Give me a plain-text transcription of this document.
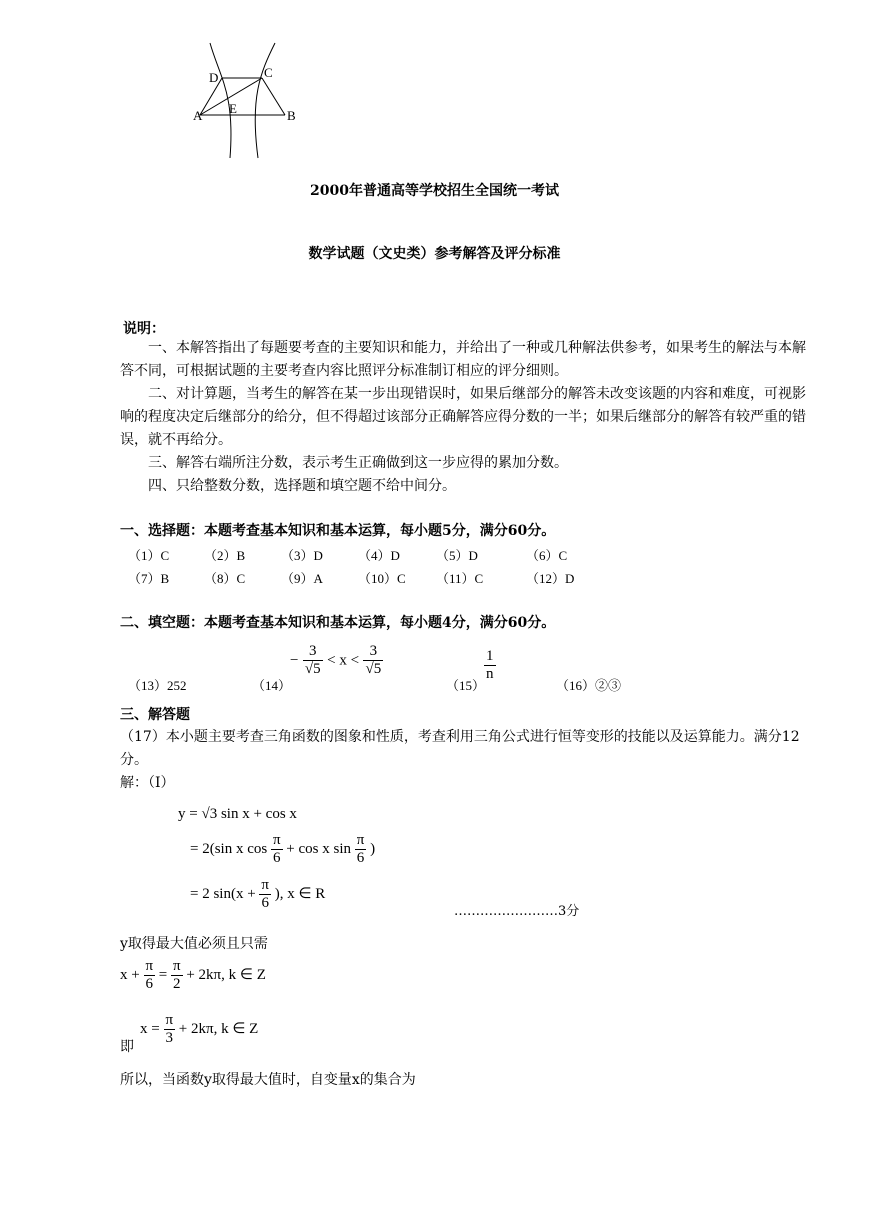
D	C
A	B
E
2000年普通高等学校招生全国统一考试
数学试题（文史类）参考解答及评分标准
说明：
一、本解答指出了每题要考查的主要知识和能力，并给出了一种或几种解法供参考，如果考生的解法与本解答不同，可根据试题的主要考查内容比照评分标准制订相应的评分细则。
二、对计算题，当考生的解答在某一步出现错误时，如果后继部分的解答未改变该题的内容和难度，可视影响的程度决定后继部分的给分，但不得超过该部分正确解答应得分数的一半；如果后继部分的解答有较严重的错误，就不再给分。
三、解答右端所注分数，表示考生正确做到这一步应得的累加分数。
四、只给整数分数，选择题和填空题不给中间分。
一、选择题：本题考查基本知识和基本运算，每小题5分，满分60分。
（1）C	（2）B	（3）D	（4）D	（5）D	（6）C
（7）B	（8）C	（9）A	（10）C （11）C	（12）D
二、填空题：本题考查基本知识和基本运算，每小题4分，满分60分。
（13）252	（14）
− $\frac{3}{√5} < x < \frac{3}{√5}$
（15）
$\frac{1}{n}$
（16）②③
三、解答题
（17）本小题主要考查三角函数的图象和性质，考查利用三角公式进行恒等变形的技能以及运算能力。满分12分。
解：（I）
y = √3 sin x + cos x
= 2(sin x $\cos \frac{\pi}{6} + \cos x$ $\sin \frac{\pi}{6}$ )
= 2 $\sin(x + \frac{\pi}{6}$ ), x ∈ R
……………………3分
y取得最大值必须且只需
$x + \frac{\pi}{6} = \frac{\pi}{2} + 2k\pi$, k ∈ Z
即
$x = \frac{\pi}{3} + 2k\pi$, k ∈ Z
所以，当函数y取得最大值时，自变量x的集合为
